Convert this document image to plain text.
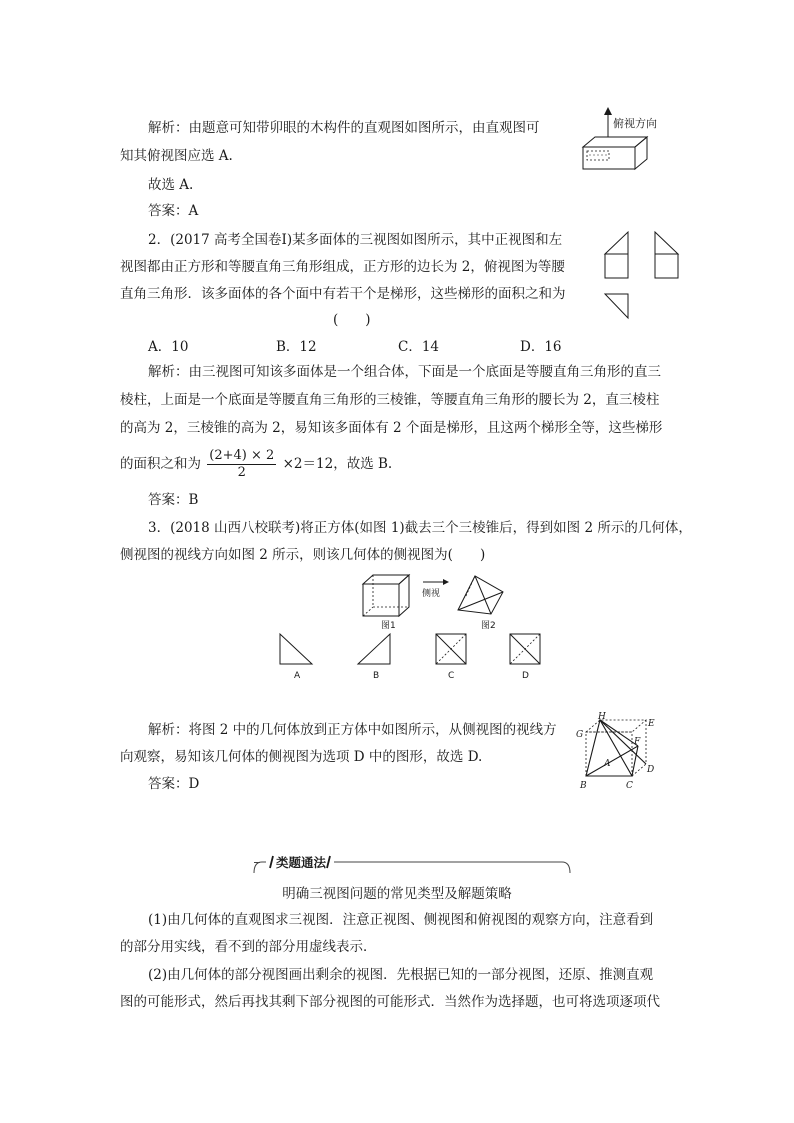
解析：由题意可知带卯眼的木构件的直观图如图所示，由直观图可
知其俯视图应选 A.
故选 A.
答案：A
俯视方向
2．(2017 高考全国卷Ⅰ)某多面体的三视图如图所示，其中正视图和左
视图都由正方形和等腰直角三角形组成，正方形的边长为 2，俯视图为等腰
直角三角形．该多面体的各个面中有若干个是梯形，这些梯形的面积之和为
(　　)
A．10	B．12	C．14	D．16
解析：由三视图可知该多面体是一个组合体，下面是一个底面是等腰直角三角形的直三
棱柱，上面是一个底面是等腰直角三角形的三棱锥，等腰直角三角形的腰长为 2，直三棱柱
的高为 2，三棱锥的高为 2，易知该多面体有 2 个面是梯形，且这两个梯形全等，这些梯形
的面积之和为 $\frac{(2+4) \times 2}{2} \times 2=12$，故选 B.
答案：B
3．(2018 山西八校联考)将正方体(如图 1)截去三个三棱锥后，得到如图 2 所示的几何体，
侧视图的视线方向如图 2 所示，则该几何体的侧视图为(　　)
图1
侧视
图2
A	B	C	D
解析：将图 2 中的几何体放到正方体中如图所示，从侧视图的视线方
向观察，易知该几何体的侧视图为选项 D 中的图形，故选 D.
答案：D
H
E
G
F
A
D
B	C
类题通法
明确三视图问题的常见类型及解题策略
(1)由几何体的直观图求三视图．注意正视图、侧视图和俯视图的观察方向，注意看到
的部分用实线，看不到的部分用虚线表示．
(2)由几何体的部分视图画出剩余的视图．先根据已知的一部分视图，还原、推测直观
图的可能形式，然后再找其剩下部分视图的可能形式．当然作为选择题，也可将选项逐项代
